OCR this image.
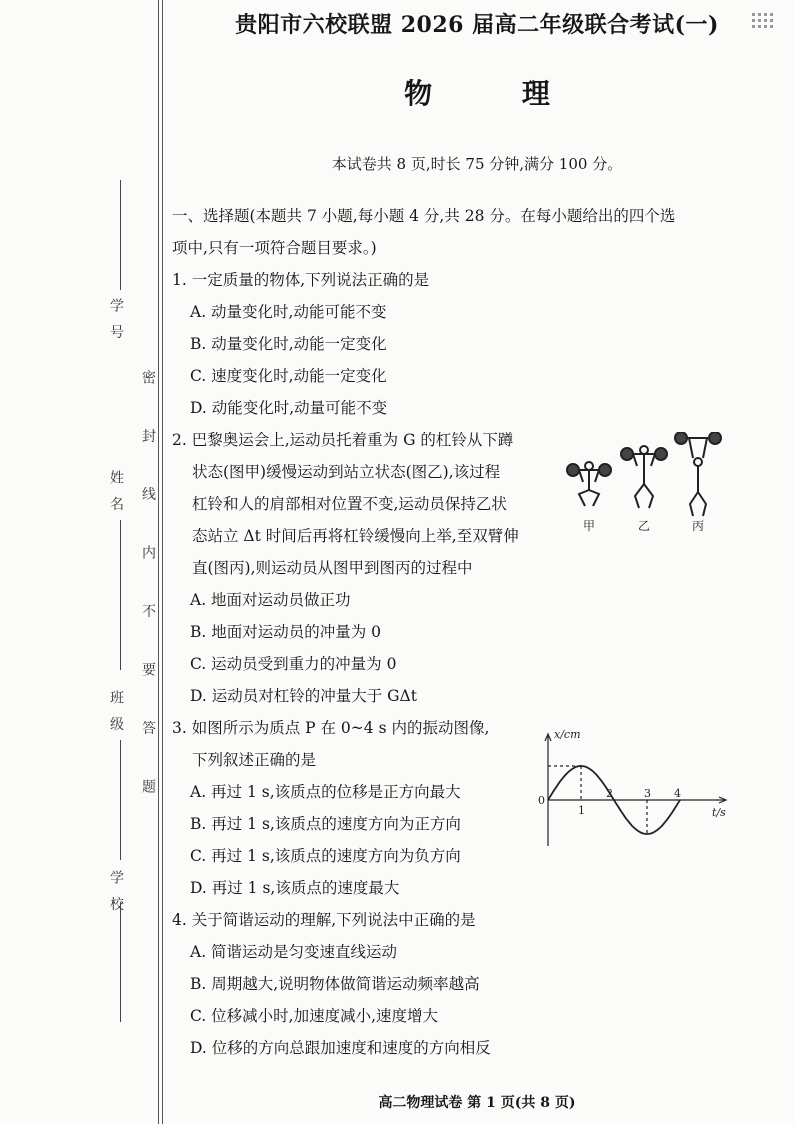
学 号
姓 名
班 级
学 校
密 封 线 内 不 要 答 题
贵阳市六校联盟 2026 届高二年级联合考试(一)
物 理
本试卷共 8 页,时长 75 分钟,满分 100 分。
一、选择题(本题共 7 小题,每小题 4 分,共 28 分。在每小题给出的四个选
项中,只有一项符合题目要求。)
1. 一定质量的物体,下列说法正确的是
A. 动量变化时,动能可能不变
B. 动量变化时,动能一定变化
C. 速度变化时,动能一定变化
D. 动能变化时,动量可能不变
2. 巴黎奥运会上,运动员托着重为 G 的杠铃从下蹲
状态(图甲)缓慢运动到站立状态(图乙),该过程
杠铃和人的肩部相对位置不变,运动员保持乙状
态站立 Δt 时间后再将杠铃缓慢向上举,至双臂伸
直(图丙),则运动员从图甲到图丙的过程中
A. 地面对运动员做正功
B. 地面对运动员的冲量为 0
C. 运动员受到重力的冲量为 0
D. 运动员对杠铃的冲量大于 GΔt
3. 如图所示为质点 P 在 0~4 s 内的振动图像,
下列叙述正确的是
A. 再过 1 s,该质点的位移是正方向最大
B. 再过 1 s,该质点的速度方向为正方向
C. 再过 1 s,该质点的速度方向为负方向
D. 再过 1 s,该质点的速度最大
4. 关于简谐运动的理解,下列说法中正确的是
A. 简谐运动是匀变速直线运动
B. 周期越大,说明物体做简谐运动频率越高
C. 位移减小时,加速度减小,速度增大
D. 位移的方向总跟加速度和速度的方向相反
甲	乙	丙
x/cm
t/s
0
1
2	3 4
高二物理试卷 第 1 页(共 8 页)
